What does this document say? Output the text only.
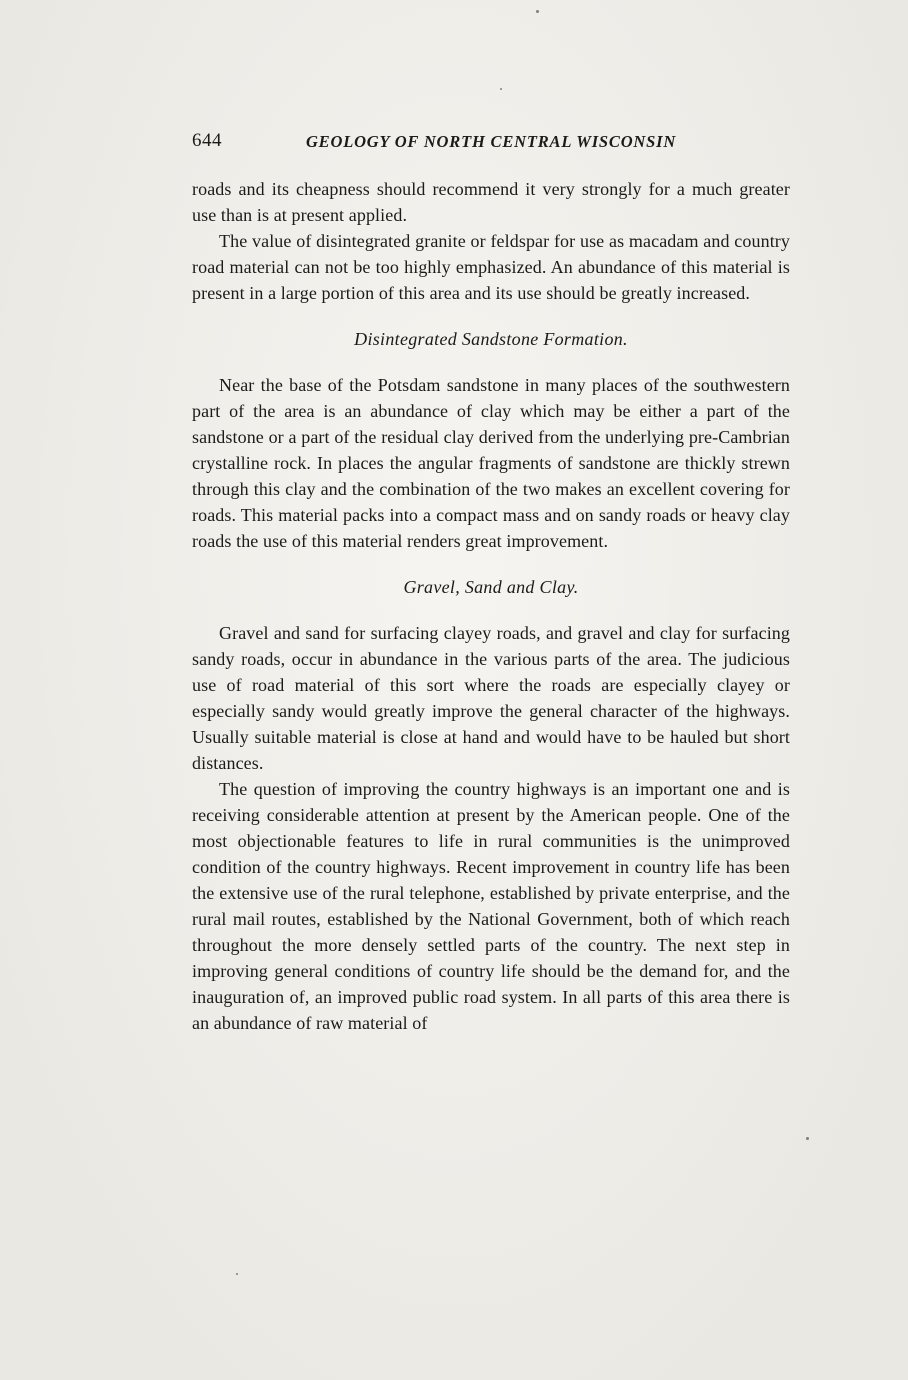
644	GEOLOGY OF NORTH CENTRAL WISCONSIN

roads and its cheapness should recommend it very strongly for a much greater use than is at present applied.

The value of disintegrated granite or feldspar for use as macadam and country road material can not be too highly emphasized. An abundance of this material is present in a large portion of this area and its use should be greatly increased.

Disintegrated Sandstone Formation.

Near the base of the Potsdam sandstone in many places of the southwestern part of the area is an abundance of clay which may be either a part of the sandstone or a part of the residual clay derived from the underlying pre-Cambrian crystalline rock. In places the angular fragments of sandstone are thickly strewn through this clay and the combination of the two makes an excellent covering for roads. This material packs into a compact mass and on sandy roads or heavy clay roads the use of this material renders great improvement.

Gravel, Sand and Clay.

Gravel and sand for surfacing clayey roads, and gravel and clay for surfacing sandy roads, occur in abundance in the various parts of the area. The judicious use of road material of this sort where the roads are especially clayey or especially sandy would greatly improve the general character of the highways. Usually suitable material is close at hand and would have to be hauled but short distances.

The question of improving the country highways is an important one and is receiving considerable attention at present by the American people. One of the most objectionable features to life in rural communities is the unimproved condition of the country highways. Recent improvement in country life has been the extensive use of the rural telephone, established by private enterprise, and the rural mail routes, established by the National Government, both of which reach throughout the more densely settled parts of the country. The next step in improving general conditions of country life should be the demand for, and the inauguration of, an improved public road system. In all parts of this area there is an abundance of raw material of
